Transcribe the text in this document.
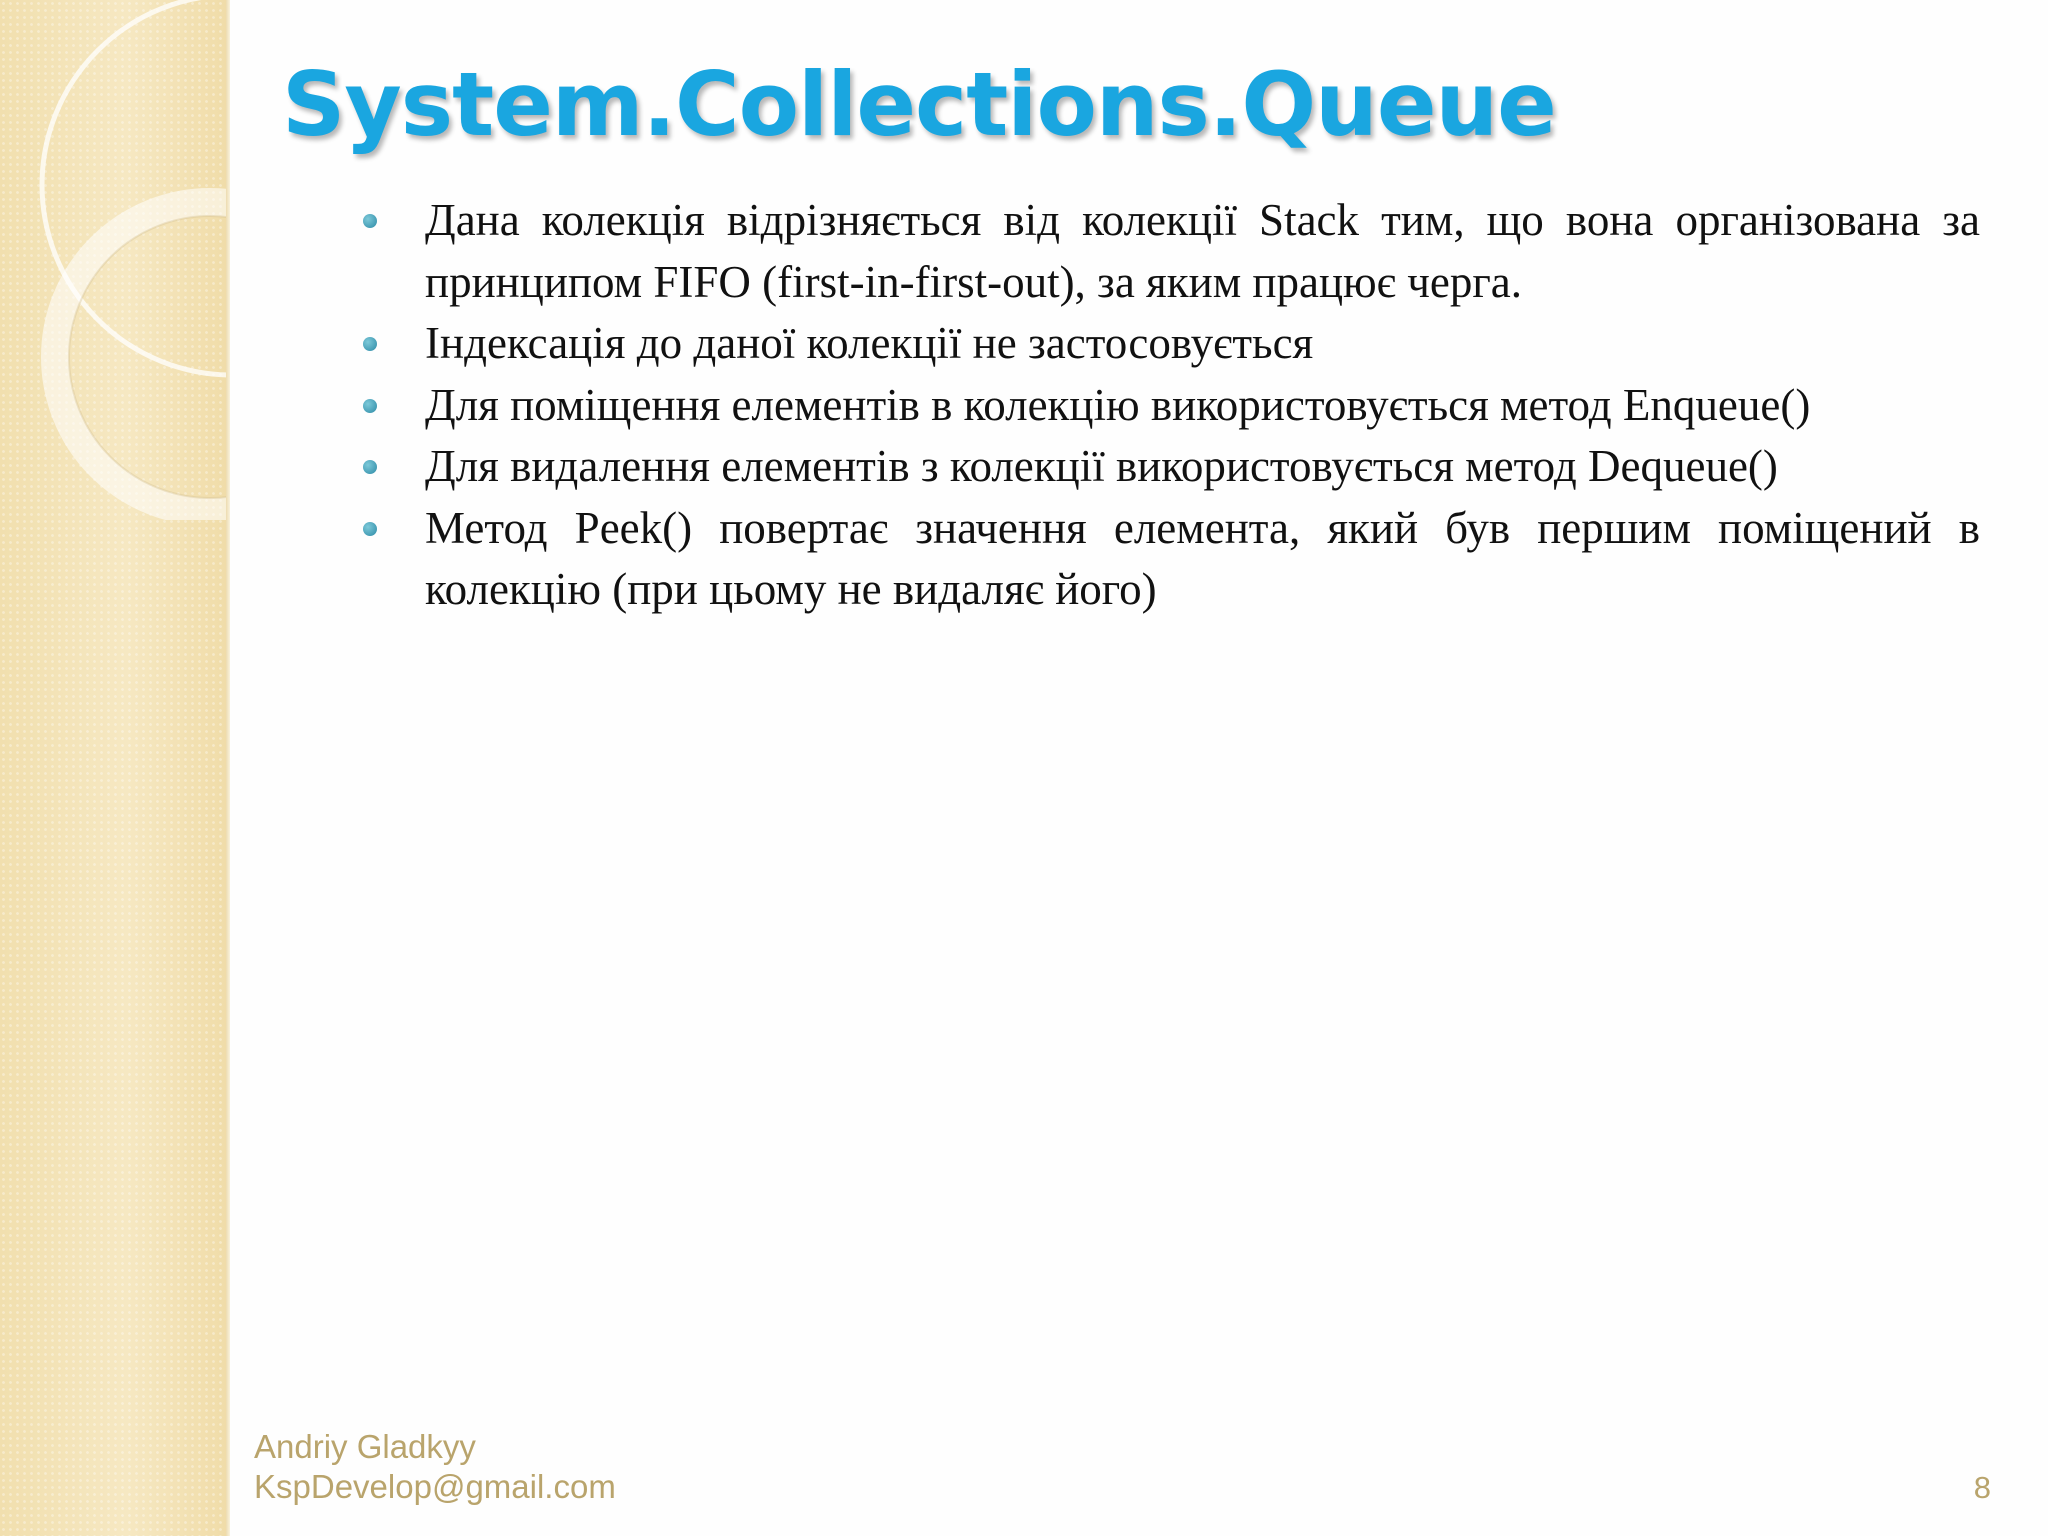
System.Collections.Queue
Дана колекція відрізняється від колекції Stack тим, що вона організована за принципом FIFO (first-in-first-out), за яким працює черга.
Індексація до даної колекції не застосовується
Для поміщення елементів в колекцію використовується метод Enqueue()
Для видалення елементів з колекції використовується метод Dequeue()
Метод Peek() повертає значення елемента, який був першим поміщений в колекцію (при цьому не видаляє його)
Andriy Gladkyy
KspDevelop@gmail.com	8
